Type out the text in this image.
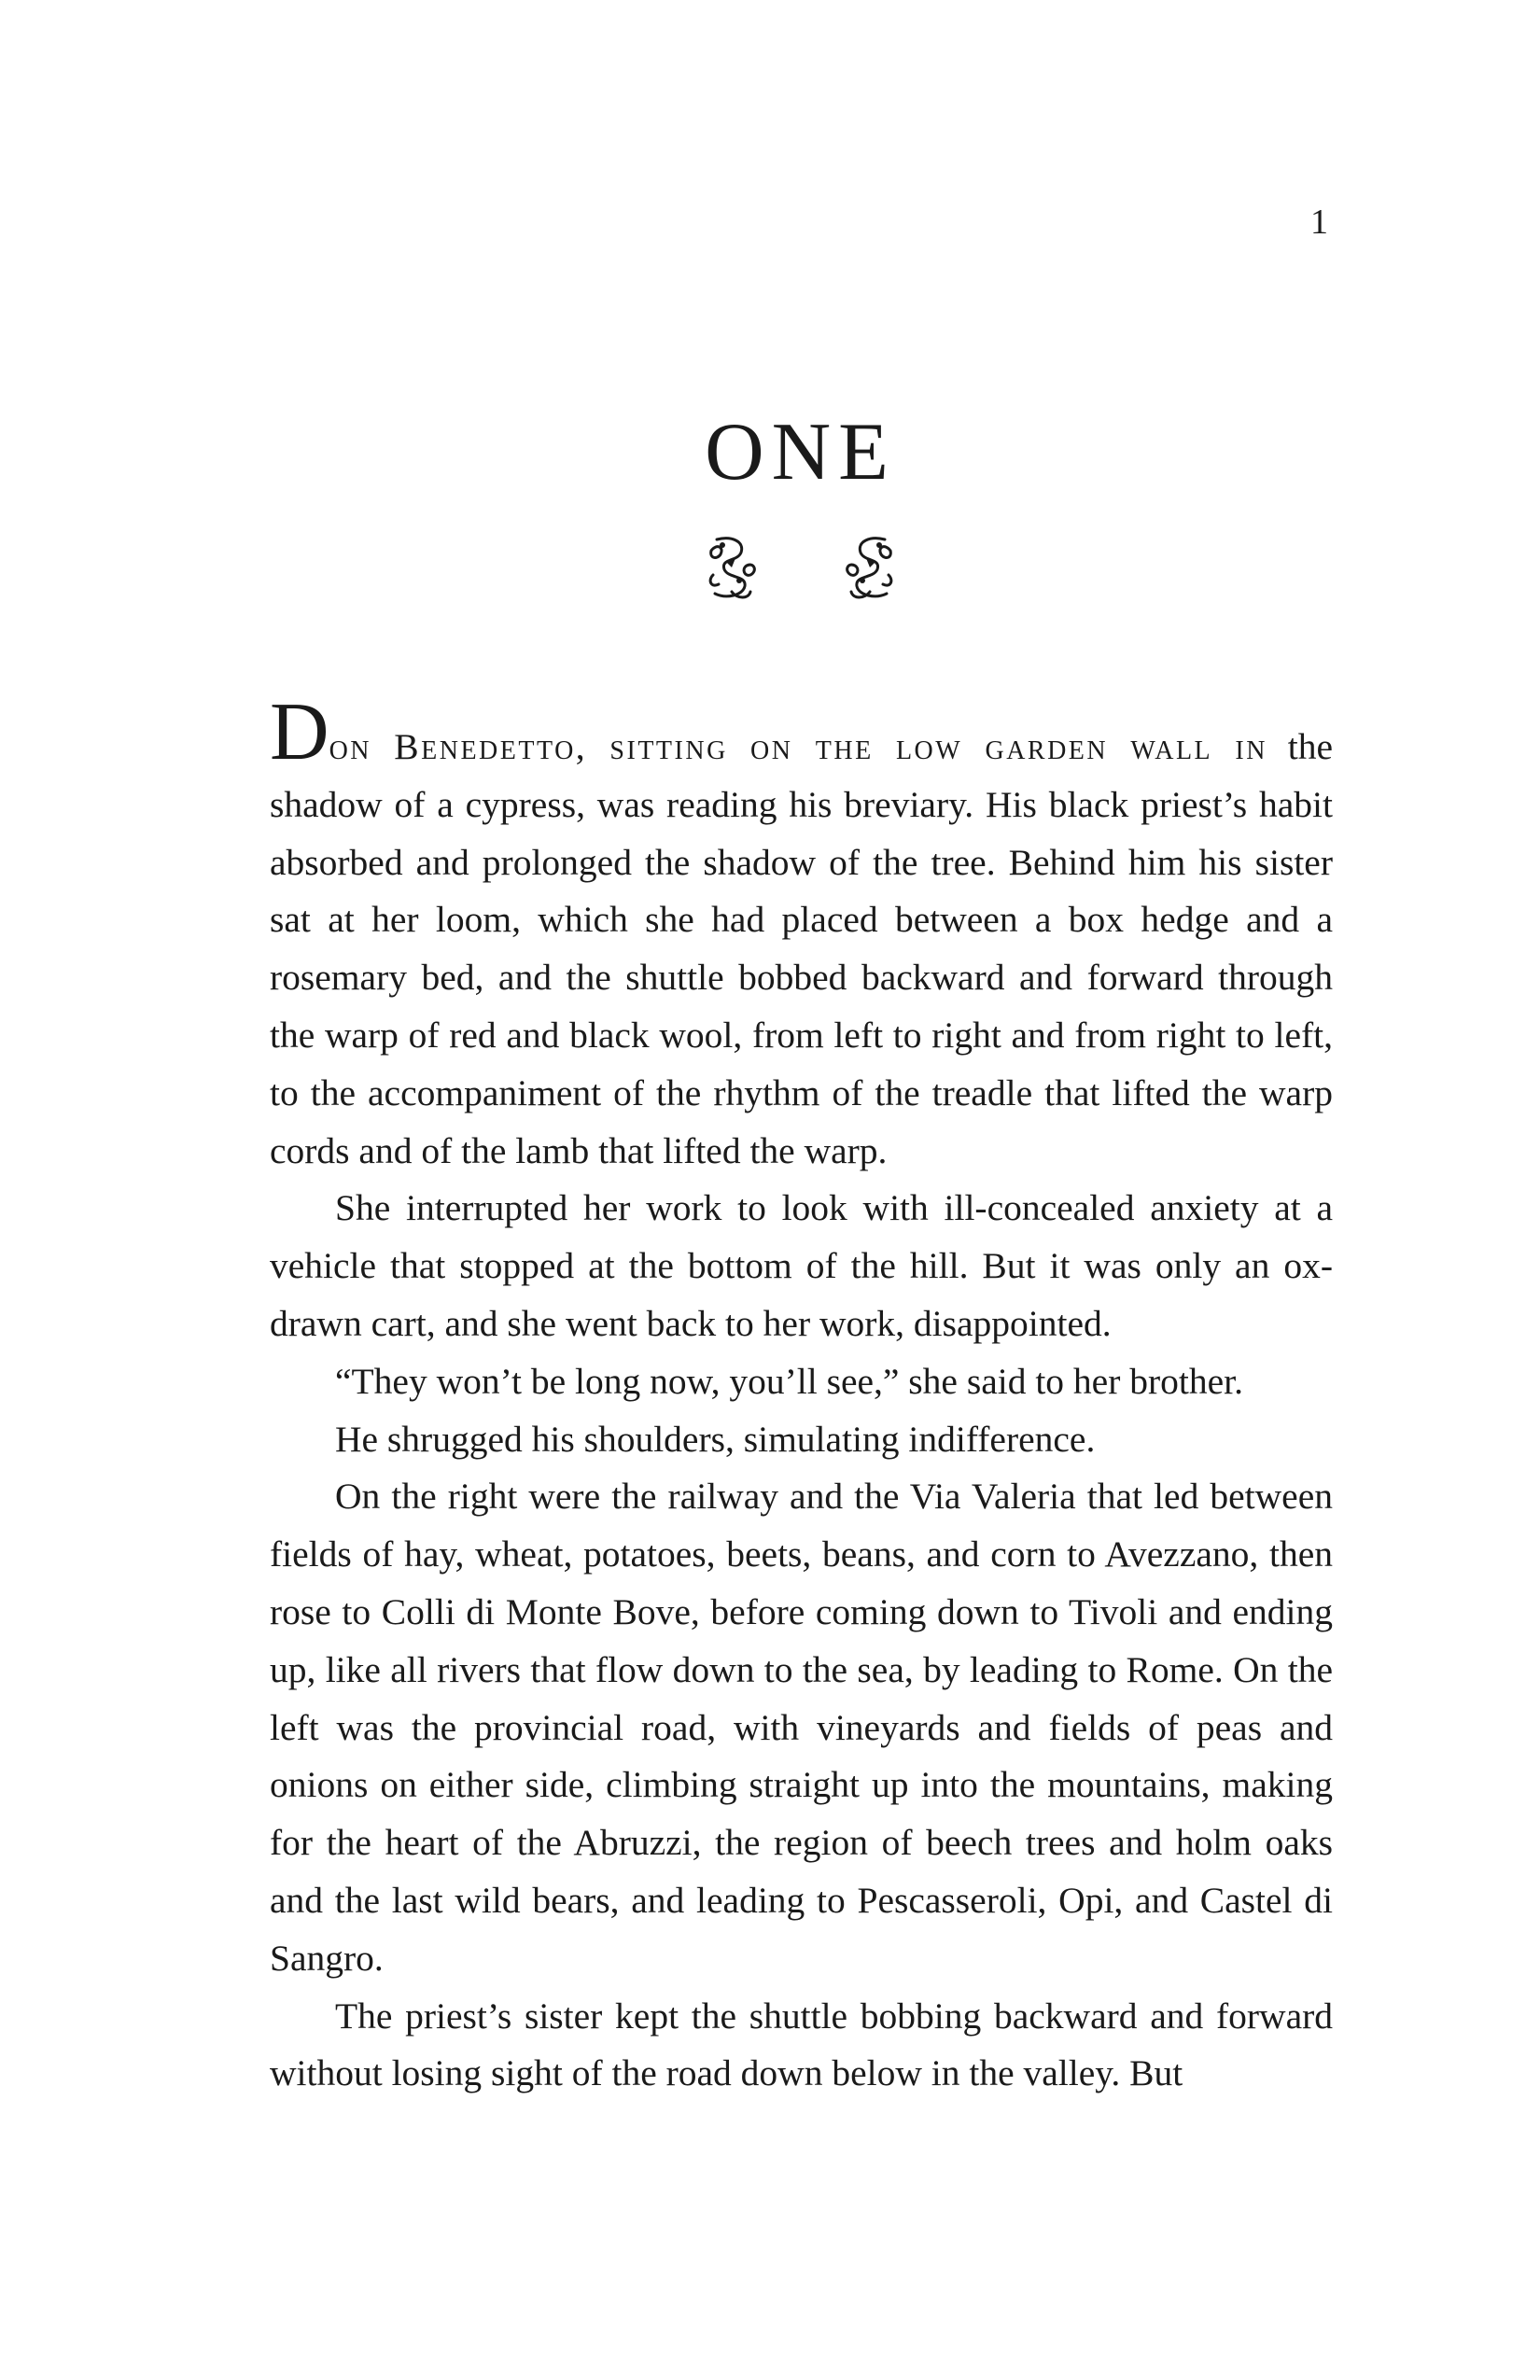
1
ONE

Don Benedetto, sitting on the low garden wall in the shadow of a cypress, was reading his breviary. His black priest’s habit absorbed and prolonged the shadow of the tree. Behind him his sister sat at her loom, which she had placed between a box hedge and a rosemary bed, and the shuttle bobbed backward and forward through the warp of red and black wool, from left to right and from right to left, to the accompaniment of the rhythm of the treadle that lifted the warp cords and of the lamb that lifted the warp.

She interrupted her work to look with ill-concealed anxiety at a vehicle that stopped at the bottom of the hill. But it was only an ox-drawn cart, and she went back to her work, disappointed.

“They won’t be long now, you’ll see,” she said to her brother.

He shrugged his shoulders, simulating indifference.

On the right were the railway and the Via Valeria that led between fields of hay, wheat, potatoes, beets, beans, and corn to Avezzano, then rose to Colli di Monte Bove, before coming down to Tivoli and ending up, like all rivers that flow down to the sea, by leading to Rome. On the left was the provincial road, with vineyards and fields of peas and onions on either side, climbing straight up into the mountains, making for the heart of the Abruzzi, the region of beech trees and holm oaks and the last wild bears, and leading to Pescasseroli, Opi, and Castel di Sangro.

The priest’s sister kept the shuttle bobbing backward and forward without losing sight of the road down below in the valley. But
